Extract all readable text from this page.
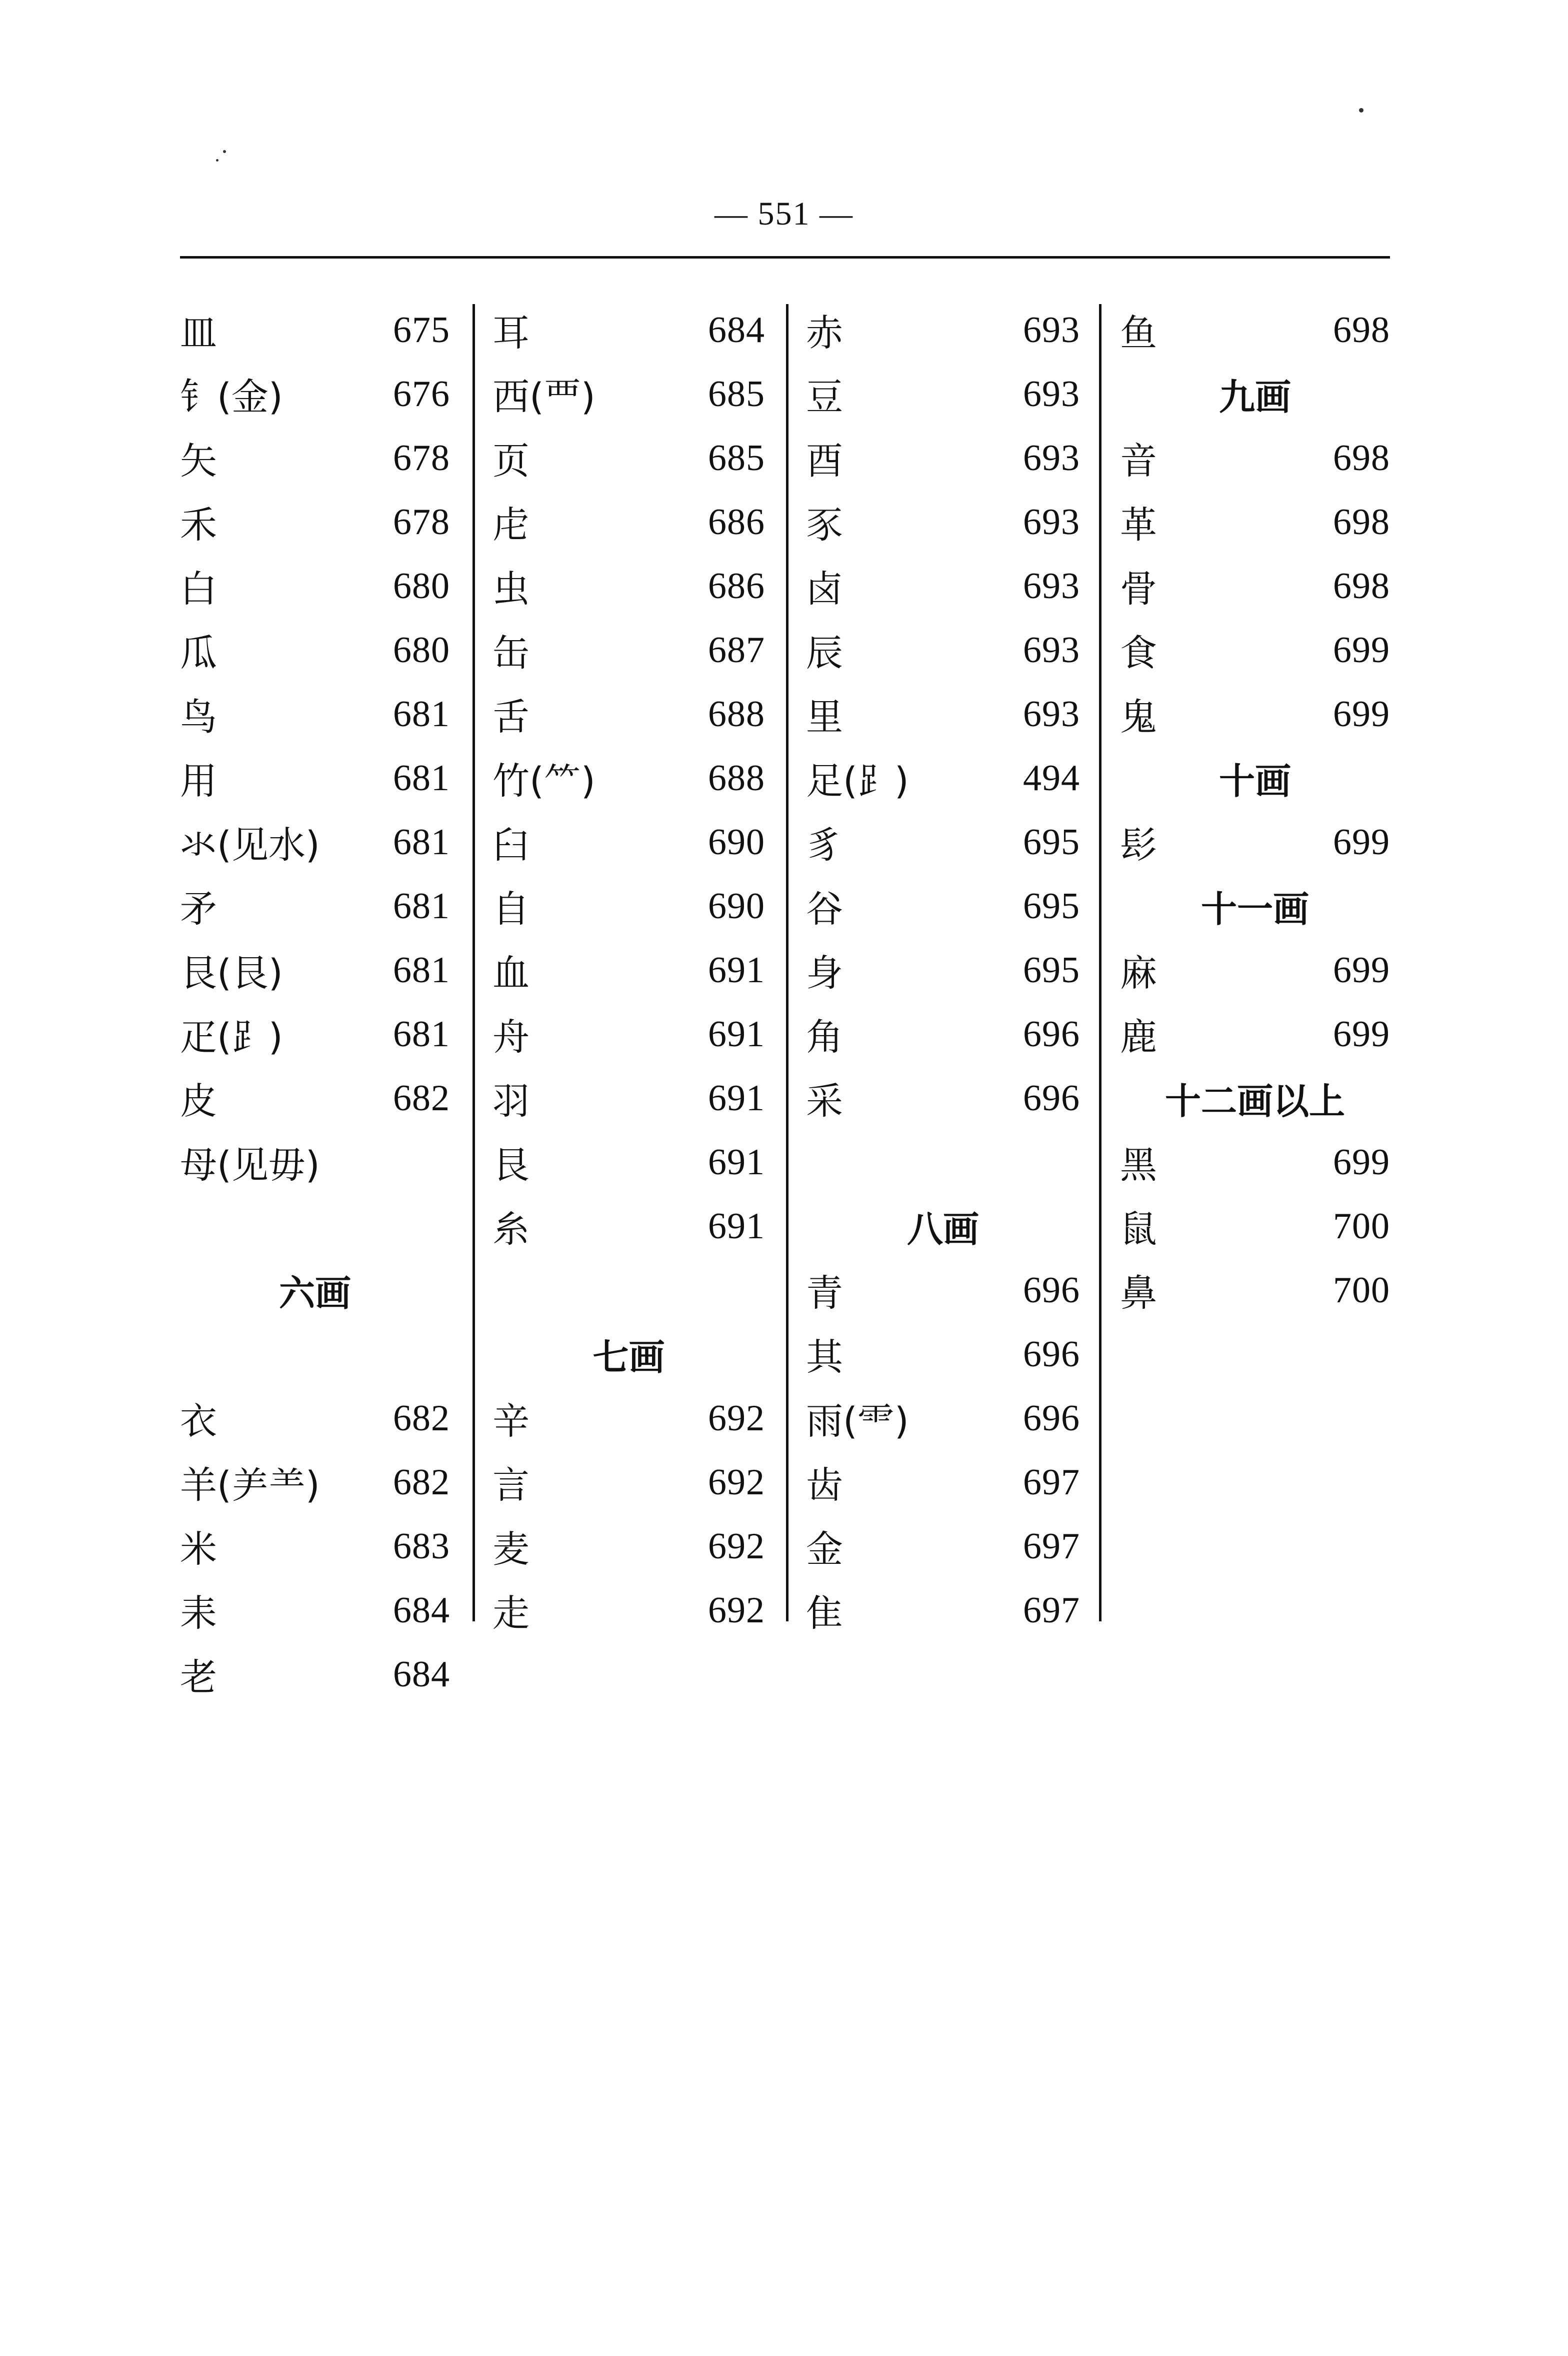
— 551 —
皿	675
钅(金)	676
矢	678
禾	678
白	680
瓜	680
鸟	681
用	681
氺(见水) 681
矛	681
艮(艮)	681
疋(⻊)	681
皮	682
母(见毋)
六画
衣	682
羊(⺶⺷) 682
米	683
耒	684
老	684
耳	684
西(覀)	685
页	685
虍	686
虫	686
缶	687
舌	688
竹(⺮)	688
臼	690
自	690
血	691
舟	691
羽	691
艮	691
糸	691
七画
辛	692
言	692
麦	692
走	692
赤	693
豆	693
酉	693
豕	693
卤	693
辰	693
里	693
足(⻊)	494
豸	695
谷	695
身	695
角	696
采	696
八画
青	696
其	696
雨(⻗)	696
齿	697
金	697
隹	697
鱼	698
九画
音	698
革	698
骨	698
食	699
鬼	699
十画
髟	699
十一画
麻	699
鹿	699
十二画以上
黑	699
鼠	700
鼻	700
